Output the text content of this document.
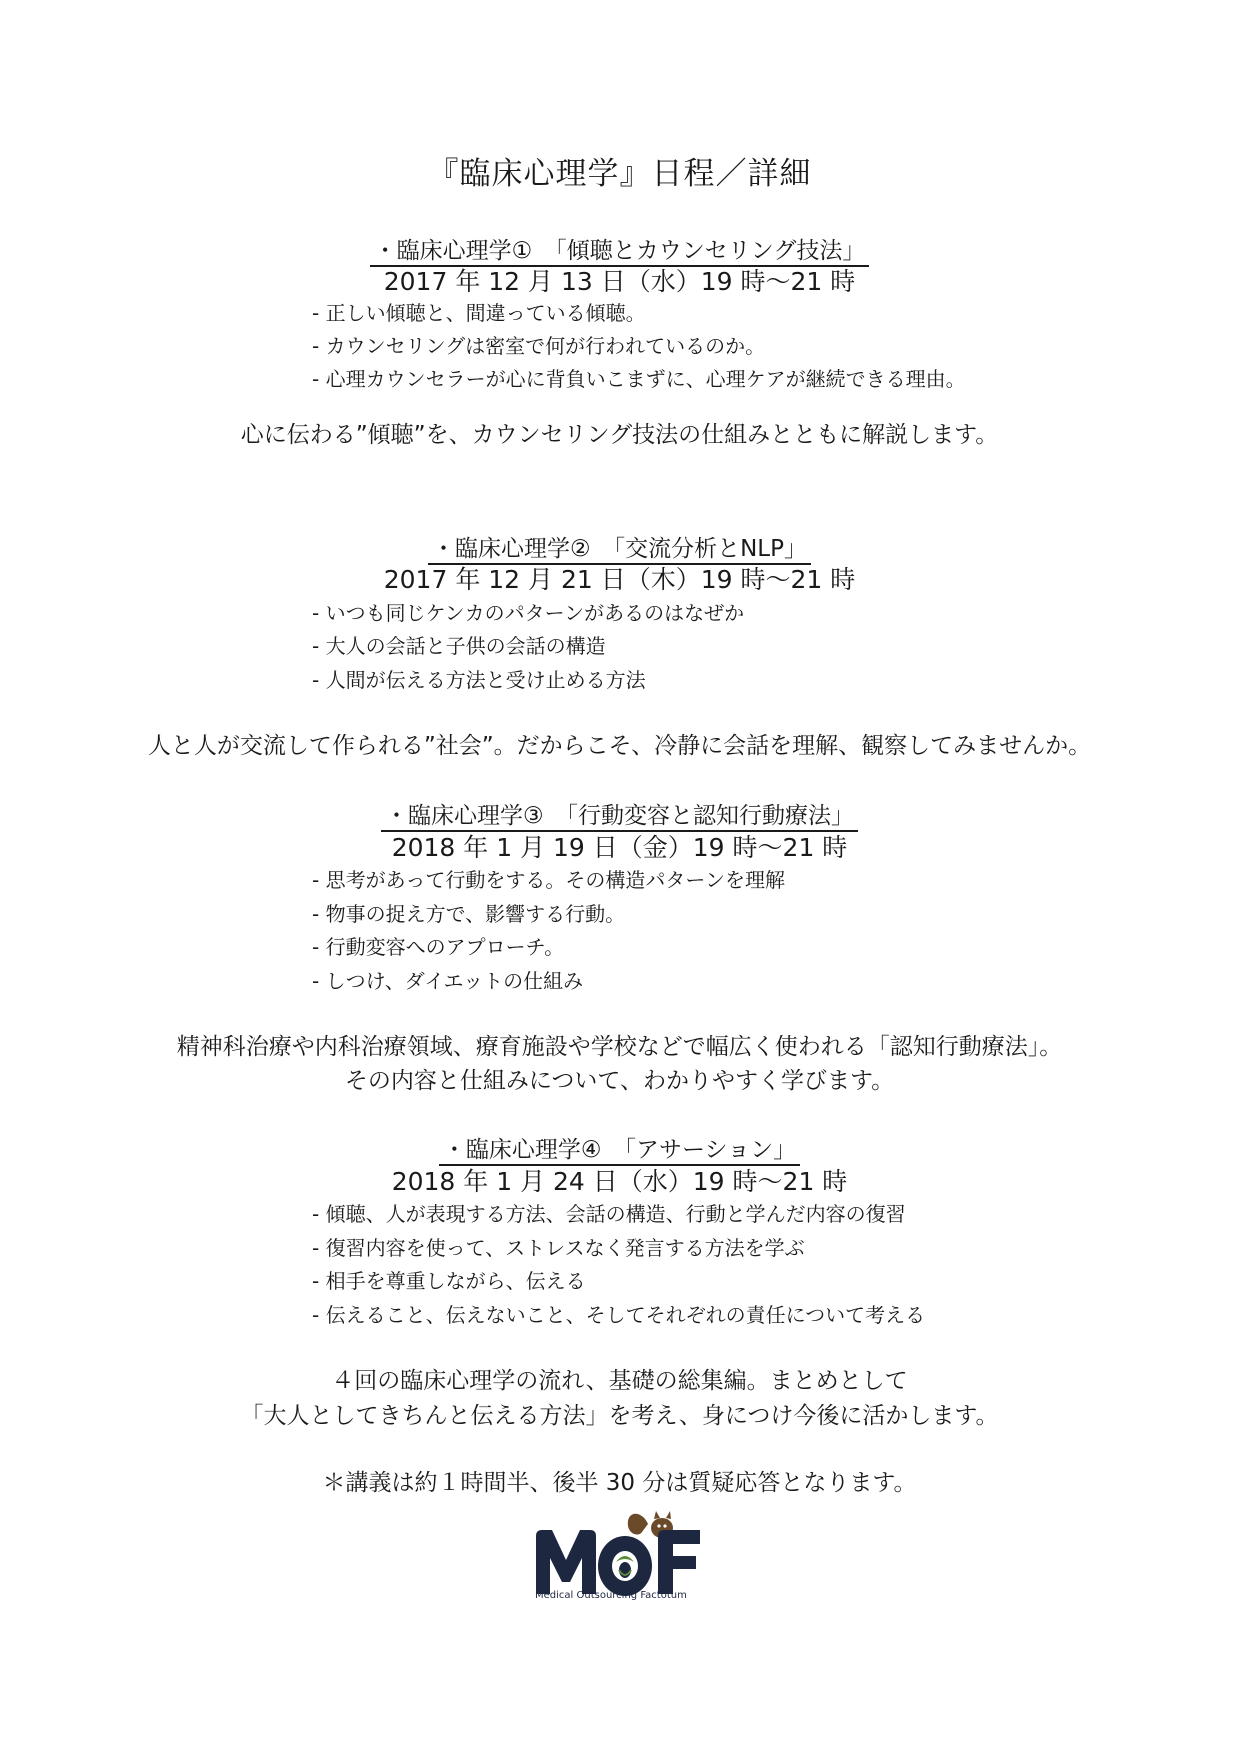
『臨床心理学』日程／詳細
・臨床心理学①　「傾聴とカウンセリング技法」
2017 年 12 月 13 日（水）19 時～21 時
- 正しい傾聴と、間違っている傾聴。
- カウンセリングは密室で何が行われているのか。
- 心理カウンセラーが心に背負いこまずに、心理ケアが継続できる理由。
心に伝わる”傾聴”を、カウンセリング技法の仕組みとともに解説します。
・臨床心理学②　「交流分析とNLP」
2017 年 12 月 21 日（木）19 時～21 時
- いつも同じケンカのパターンがあるのはなぜか
- 大人の会話と子供の会話の構造
- 人間が伝える方法と受け止める方法
人と人が交流して作られる”社会”。だからこそ、冷静に会話を理解、観察してみませんか。
・臨床心理学③　「行動変容と認知行動療法」
2018 年 1 月 19 日（金）19 時～21 時
- 思考があって行動をする。その構造パターンを理解
- 物事の捉え方で、影響する行動。
- 行動変容へのアプローチ。
- しつけ、ダイエットの仕組み
精神科治療や内科治療領域、療育施設や学校などで幅広く使われる「認知行動療法」。
その内容と仕組みについて、わかりやすく学びます。
・臨床心理学④　「アサーション」
2018 年 1 月 24 日（水）19 時～21 時
- 傾聴、人が表現する方法、会話の構造、行動と学んだ内容の復習
- 復習内容を使って、ストレスなく発言する方法を学ぶ
- 相手を尊重しながら、伝える
- 伝えること、伝えないこと、そしてそれぞれの責任について考える
４回の臨床心理学の流れ、基礎の総集編。まとめとして
「大人としてきちんと伝える方法」を考え、身につけ今後に活かします。
＊講義は約１時間半、後半 30 分は質疑応答となります。
Medical Outsourcing Factotum
